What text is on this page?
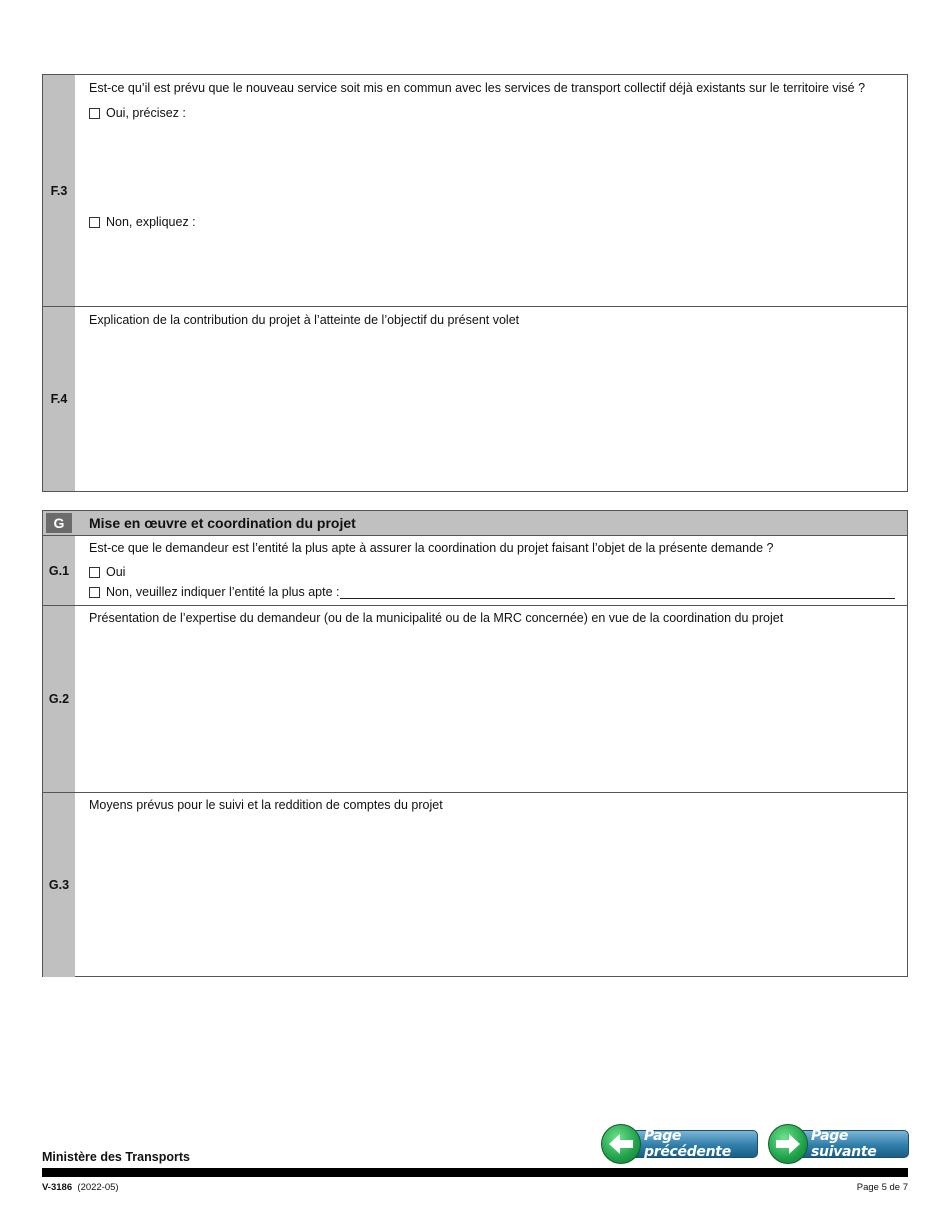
F.3
Est-ce qu’il est prévu que le nouveau service soit mis en commun avec les services de transport collectif déjà existants sur le territoire visé ?
Oui, précisez :
Non, expliquez :
F.4
Explication de la contribution du projet à l’atteinte de l’objectif du présent volet
G	Mise en œuvre et coordination du projet
G.1
Est-ce que le demandeur est l’entité la plus apte à assurer la coordination du projet faisant l’objet de la présente demande ?
Oui
Non, veuillez indiquer l’entité la plus apte :
G.2
Présentation de l’expertise du demandeur (ou de la municipalité ou de la MRC concernée) en vue de la coordination du projet
G.3
Moyens prévus pour le suivi et la reddition de comptes du projet
Page précédente
Page suivante
Ministère des Transports
V-3186 (2022-05)	Page 5 de 7
